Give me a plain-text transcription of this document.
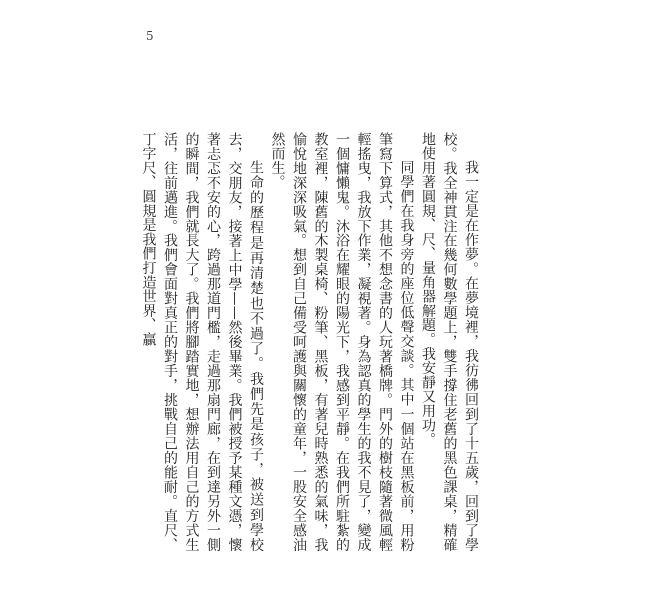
5

我一定是在作夢。在夢境裡，我彷彿回到了十五歲，回到了學校。我全神貫注在幾何數學題上，雙手撐住老舊的黑色課桌，精確地使用著圓規、尺、量角器解題。我安靜又用功。

同學們在我身旁的座位低聲交談。其中一個站在黑板前，用粉筆寫下算式，其他不想念書的人玩著橋牌。門外的樹枝隨著微風輕輕搖曳，我放下作業，凝視著。身為認真的學生的我不見了，變成一個慵懶鬼。沐浴在耀眼的陽光下，我感到平靜。在我們所駐紮的教室裡，陳舊的木製桌椅、粉筆、黑板，有著兒時熟悉的氣味，我愉悅地深深吸氣。想到自己備受呵護與關懷的童年，一股安全感油然而生。

生命的歷程是再清楚也不過了。我們先是孩子，被送到學校去，交朋友，接著上中學——然後畢業。我們被授予某種文憑，懷著忐忑不安的心，跨過那道門檻，走過那扇門廊，在到達另外一側的瞬間，我們就長大了。我們將腳踏實地，想辦法用自己的方式生活，往前邁進。我們會面對真正的對手，挑戰自己的能耐。直尺、丁字尺、圓規是我們打造世界、贏
